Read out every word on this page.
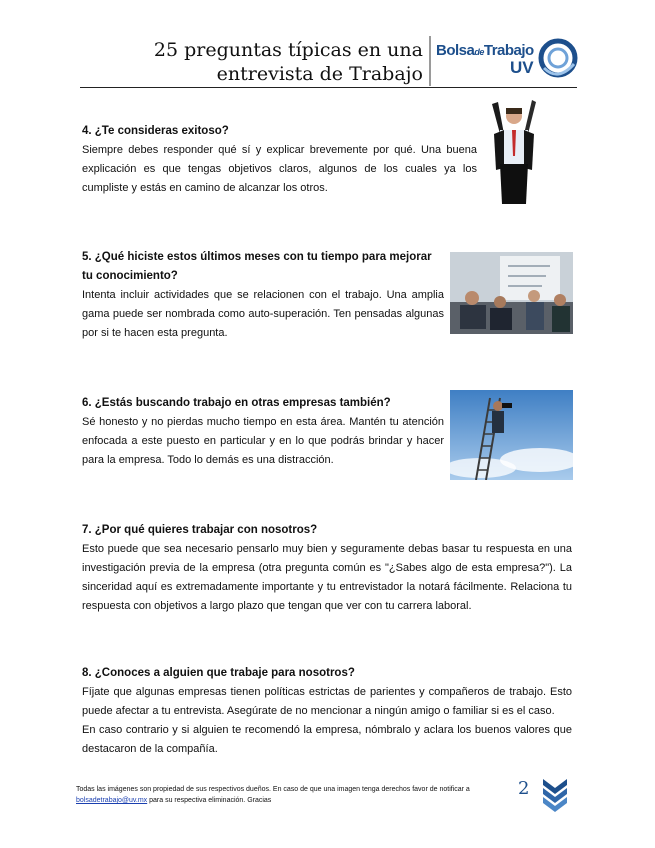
25 preguntas típicas en una entrevista de Trabajo
BolsadeTrabajo
UV
4. ¿Te consideras exitoso?

Siempre debes responder qué sí y explicar brevemente por qué. Una buena explicación es que tengas objetivos claros, algunos de los cuales ya los cumpliste y estás en camino de alcanzar los otros.

5. ¿Qué hiciste estos últimos meses con tu tiempo para mejorar tu conocimiento?

Intenta incluir actividades que se relacionen con el trabajo. Una amplia gama puede ser nombrada como auto-superación. Ten pensadas algunas por si te hacen esta pregunta.

6. ¿Estás buscando trabajo en otras empresas también?

Sé honesto y no pierdas mucho tiempo en esta área. Mantén tu atención enfocada a este puesto en particular y en lo que podrás brindar y hacer para la empresa. Todo lo demás es una distracción.

7. ¿Por qué quieres trabajar con nosotros?

Esto puede que sea necesario pensarlo muy bien y seguramente debas basar tu respuesta en una investigación previa de la empresa (otra pregunta común es "¿Sabes algo de esta empresa?"). La sinceridad aquí es extremadamente importante y tu entrevistador la notará fácilmente. Relaciona tu respuesta con objetivos a largo plazo que tengan que ver con tu carrera laboral.

8. ¿Conoces a alguien que trabaje para nosotros?

Fíjate que algunas empresas tienen políticas estrictas de parientes y compañeros de trabajo. Esto puede afectar a tu entrevista. Asegúrate de no mencionar a ningún amigo o familiar si es el caso.

En caso contrario y si alguien te recomendó la empresa, nómbralo y aclara los buenos valores que destacaron de la compañía.

Todas las imágenes son propiedad de sus respectivos dueños. En caso de que una imagen tenga derechos favor de notificar a bolsadetrabajo@uv.mx para su respectiva eliminación. Gracias
2
